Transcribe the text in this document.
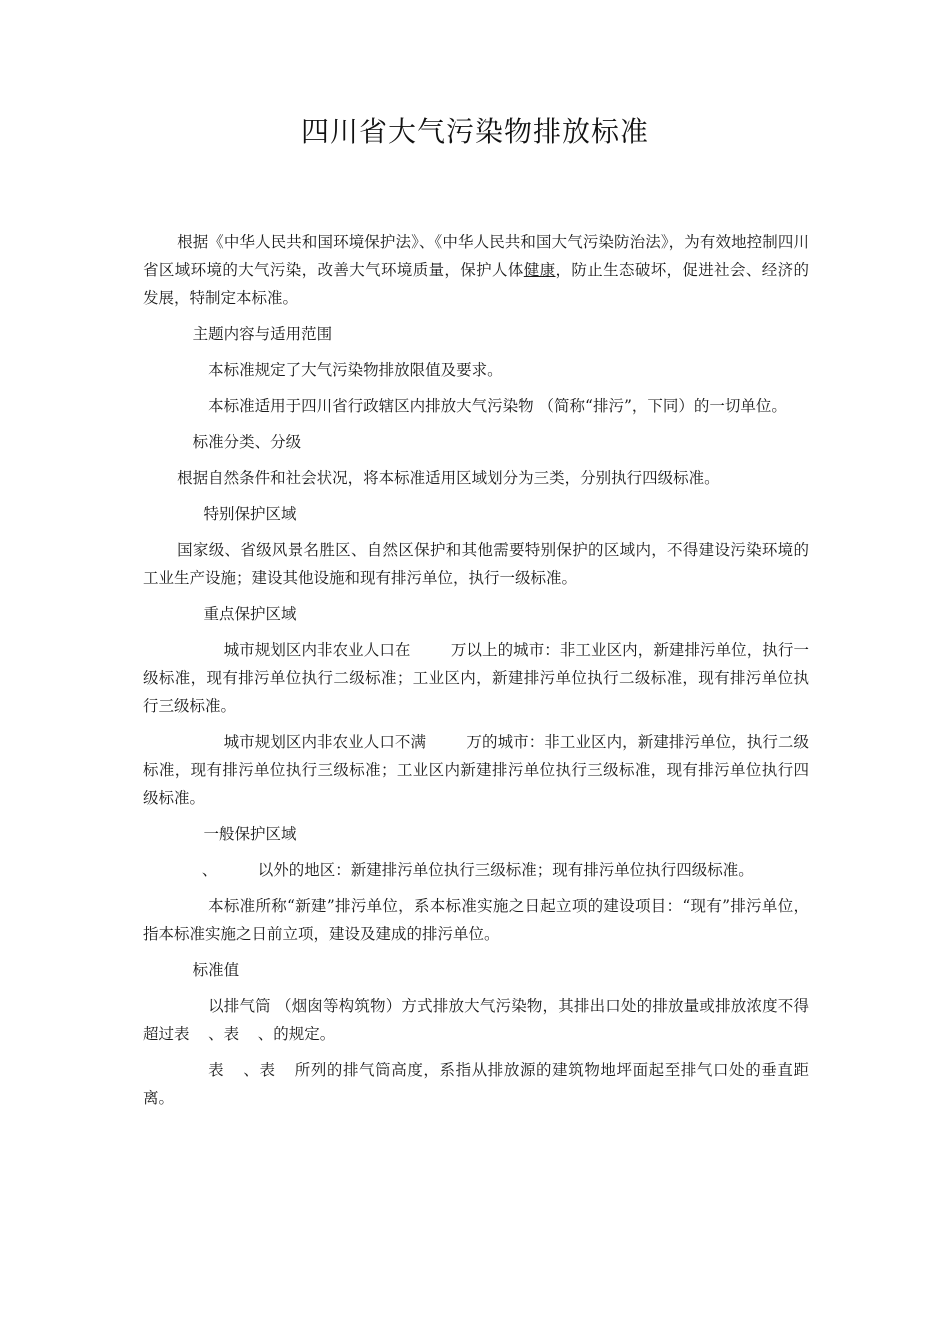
四川省大气污染物排放标准

根据《中华人民共和国环境保护法》、《中华人民共和国大气污染防治法》，为有效地控制四川省区域环境的大气污染，改善大气环境质量，保护人体健康，防止生态破坏，促进社会、经济的发展，特制定本标准。

主题内容与适用范围

本标准规定了大气污染物排放限值及要求。

本标准适用于四川省行政辖区内排放大气污染物 （简称“排污”，下同）的一切单位。

标准分类、分级

根据自然条件和社会状况，将本标准适用区域划分为三类，分别执行四级标准。

特别保护区域

国家级、省级风景名胜区、自然区保护和其他需要特别保护的区域内，不得建设污染环境的工业生产设施；建设其他设施和现有排污单位，执行一级标准。

重点保护区域

城市规划区内非农业人口在	万以上的城市：非工业区内，新建排污单位，执行一级标准，现有排污单位执行二级标准；工业区内，新建排污单位执行二级标准，现有排污单位执行三级标准。

城市规划区内非农业人口不满	万的城市：非工业区内，新建排污单位，执行二级标准，现有排污单位执行三级标准；工业区内新建排污单位执行三级标准，现有排污单位执行四级标准。

一般保护区域

、	以外的地区：新建排污单位执行三级标准；现有排污单位执行四级标准。

本标准所称“新建”排污单位，系本标准实施之日起立项的建设项目：“现有”排污单位，指本标准实施之日前立项，建设及建成的排污单位。

标准值

以排气筒 （烟囱等构筑物）方式排放大气污染物，其排出口处的排放量或排放浓度不得超过表 、表 、的规定。

表 、表 所列的排气筒高度，系指从排放源的建筑物地坪面起至排气口处的垂直距离。
